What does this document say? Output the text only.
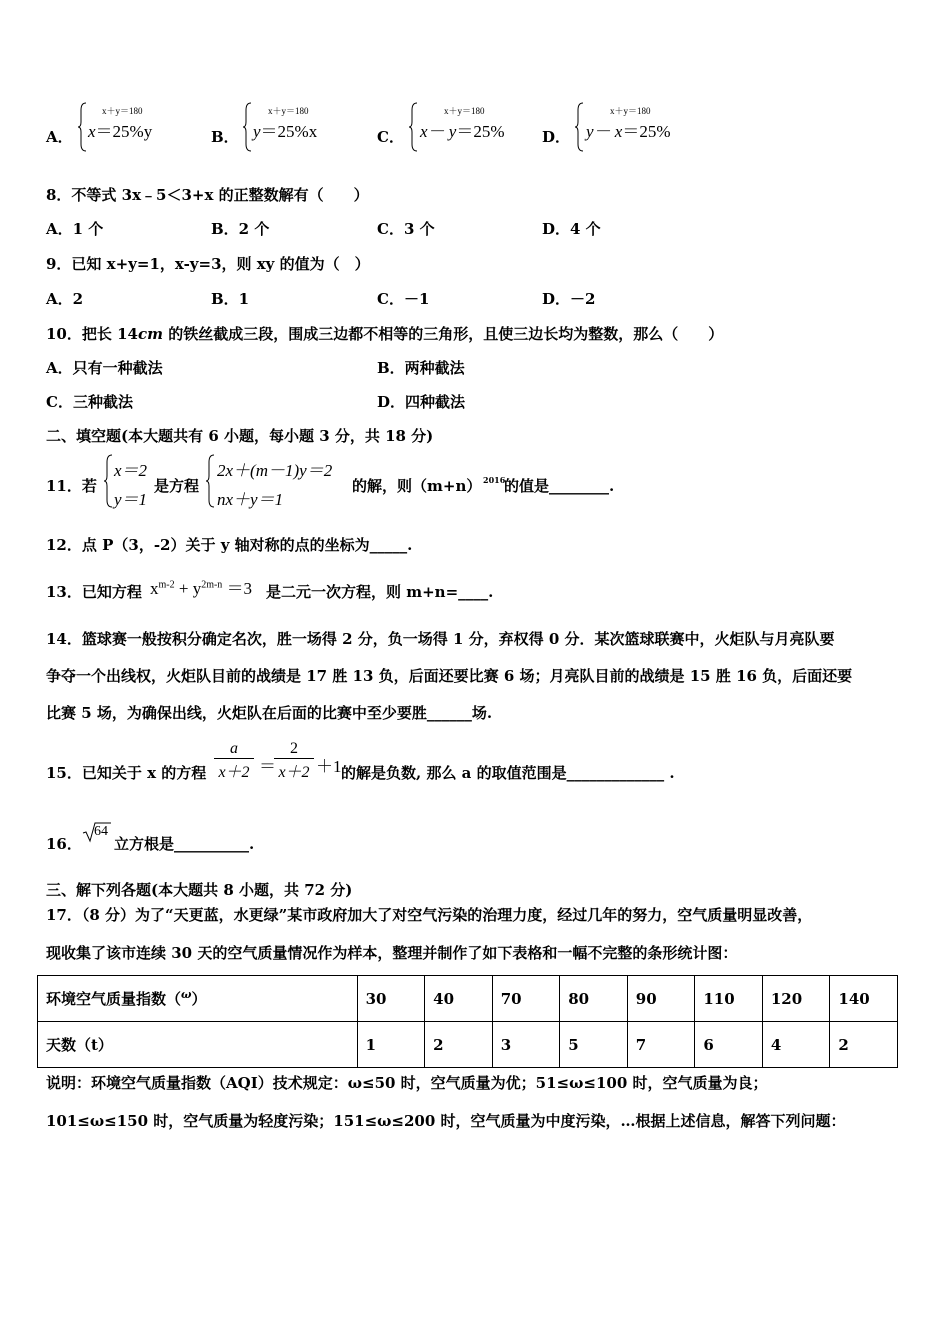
A．
x＋y＝180
x＝25%y	B．
x＋y＝180
y＝25%x	C．
x＋y＝180
x－ y＝25% D．
x＋y＝180
y－ x＝25%
8．不等式 3x﹣5＜3+x 的正整数解有（　　）
A．1 个	B．2 个	C．3 个	D．4 个
9．已知 x+y=1，x-y=3，则 xy 的值为（　）
A．2	B．1	C．－1	D．－2
10．把长 14cm 的铁丝截成三段，围成三边都不相等的三角形，且使三边长均为整数，那么（　　）
A．只有一种截法	B．两种截法
C．三种截法	D．四种截法
二、填空题(本大题共有 6 小题，每小题 3 分，共 18 分)
11．若
x＝2
y＝1
是方程
2x＋(m－1)y＝2
nx＋y＝1
的解，则（m+n） 2016
的值是________.
12．点 P（3，-2）关于 y 轴对称的点的坐标为_____.
13．已知方程 $x^{m-2} + y^{2m-n} =3$ 是二元一次方程，则 m+n=____.
14．篮球赛一般按积分确定名次，胜一场得 2 分，负一场得 1 分，弃权得 0 分．某次篮球联赛中，火炬队与月亮队要
争夺一个出线权，火炬队目前的战绩是 17 胜 13 负，后面还要比赛 6 场；月亮队目前的战绩是 15 胜 16 负，后面还要
比赛 5 场，为确保出线，火炬队在后面的比赛中至少要胜______场.
15．已知关于 x 的方程
a
x＋2 ＝
2
x＋2 ＋1 的解是负数, 那么 a 的取值范围是_____________ .
16．
64
立方根是__________.
三、解下列各题(本大题共 8 小题，共 72 分)
17．（8 分）为了“天更蓝，水更绿”某市政府加大了对空气污染的治理力度，经过几年的努力，空气质量明显改善，
现收集了该市连续 30 天的空气质量情况作为样本，整理并制作了如下表格和一幅不完整的条形统计图：
环境空气质量指数（$^\omega$）	30	40	70	80	90	110	120	140
天数（t）	1	2	3	5	7	6	4	2
说明：环境空气质量指数（AQI）技术规定：ω≤50 时，空气质量为优；51≤ω≤100 时，空气质量为良；
101≤ω≤150 时，空气质量为轻度污染；151≤ω≤200 时，空气质量为中度污染，…根据上述信息，解答下列问题：
